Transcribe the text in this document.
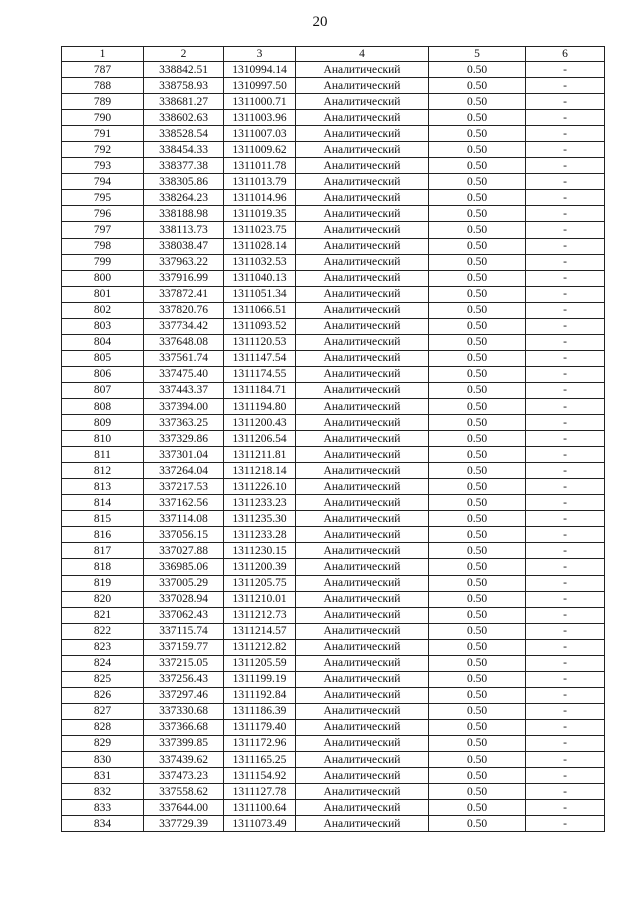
20
1	2	3	4	5	6
787	338842.51	1310994.14	Аналитический	0.50	-
788	338758.93	1310997.50	Аналитический	0.50	-
789	338681.27	1311000.71	Аналитический	0.50	-
790	338602.63	1311003.96	Аналитический	0.50	-
791	338528.54	1311007.03	Аналитический	0.50	-
792	338454.33	1311009.62	Аналитический	0.50	-
793	338377.38	1311011.78	Аналитический	0.50	-
794	338305.86	1311013.79	Аналитический	0.50	-
795	338264.23	1311014.96	Аналитический	0.50	-
796	338188.98	1311019.35	Аналитический	0.50	-
797	338113.73	1311023.75	Аналитический	0.50	-
798	338038.47	1311028.14	Аналитический	0.50	-
799	337963.22	1311032.53	Аналитический	0.50	-
800	337916.99	1311040.13	Аналитический	0.50	-
801	337872.41	1311051.34	Аналитический	0.50	-
802	337820.76	1311066.51	Аналитический	0.50	-
803	337734.42	1311093.52	Аналитический	0.50	-
804	337648.08	1311120.53	Аналитический	0.50	-
805	337561.74	1311147.54	Аналитический	0.50	-
806	337475.40	1311174.55	Аналитический	0.50	-
807	337443.37	1311184.71	Аналитический	0.50	-
808	337394.00	1311194.80	Аналитический	0.50	-
809	337363.25	1311200.43	Аналитический	0.50	-
810	337329.86	1311206.54	Аналитический	0.50	-
811	337301.04	1311211.81	Аналитический	0.50	-
812	337264.04	1311218.14	Аналитический	0.50	-
813	337217.53	1311226.10	Аналитический	0.50	-
814	337162.56	1311233.23	Аналитический	0.50	-
815	337114.08	1311235.30	Аналитический	0.50	-
816	337056.15	1311233.28	Аналитический	0.50	-
817	337027.88	1311230.15	Аналитический	0.50	-
818	336985.06	1311200.39	Аналитический	0.50	-
819	337005.29	1311205.75	Аналитический	0.50	-
820	337028.94	1311210.01	Аналитический	0.50	-
821	337062.43	1311212.73	Аналитический	0.50	-
822	337115.74	1311214.57	Аналитический	0.50	-
823	337159.77	1311212.82	Аналитический	0.50	-
824	337215.05	1311205.59	Аналитический	0.50	-
825	337256.43	1311199.19	Аналитический	0.50	-
826	337297.46	1311192.84	Аналитический	0.50	-
827	337330.68	1311186.39	Аналитический	0.50	-
828	337366.68	1311179.40	Аналитический	0.50	-
829	337399.85	1311172.96	Аналитический	0.50	-
830	337439.62	1311165.25	Аналитический	0.50	-
831	337473.23	1311154.92	Аналитический	0.50	-
832	337558.62	1311127.78	Аналитический	0.50	-
833	337644.00	1311100.64	Аналитический	0.50	-
834	337729.39	1311073.49	Аналитический	0.50	-
